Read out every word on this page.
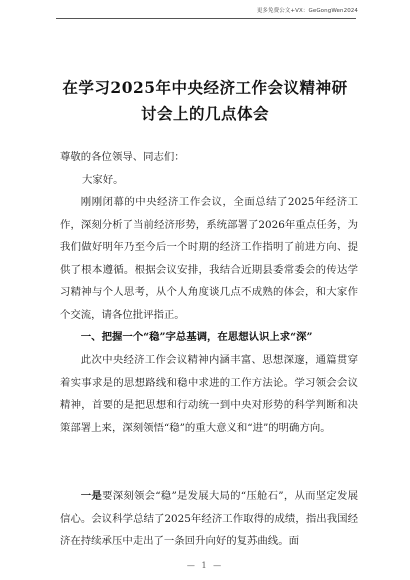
更多免费公文+VX：GeGongWen2024
在学习2025年中央经济工作会议精神研
讨会上的几点体会
尊敬的各位领导、同志们：
大家好。

刚刚闭幕的中央经济工作会议，全面总结了2025年经济工作，深刻分析了当前经济形势，系统部署了2026年重点任务，为我们做好明年乃至今后一个时期的经济工作指明了前进方向、提供了根本遵循。根据会议安排，我结合近期县委常委会的传达学习精神与个人思考，从个人角度谈几点不成熟的体会，和大家作个交流，请各位批评指正。

一、把握一个“稳”字总基调，在思想认识上求“深”

此次中央经济工作会议精神内涵丰富、思想深邃，通篇贯穿着实事求是的思想路线和稳中求进的工作方法论。学习领会会议精神，首要的是把思想和行动统一到中央对形势的科学判断和决策部署上来，深刻领悟“稳”的重大意义和“进”的明确方向。

一是要深刻领会“稳”是发展大局的“压舱石”，从而坚定发展信心。会议科学总结了2025年经济工作取得的成绩，指出我国经济在持续承压中走出了一条回升向好的复苏曲线。面

— 1 —
